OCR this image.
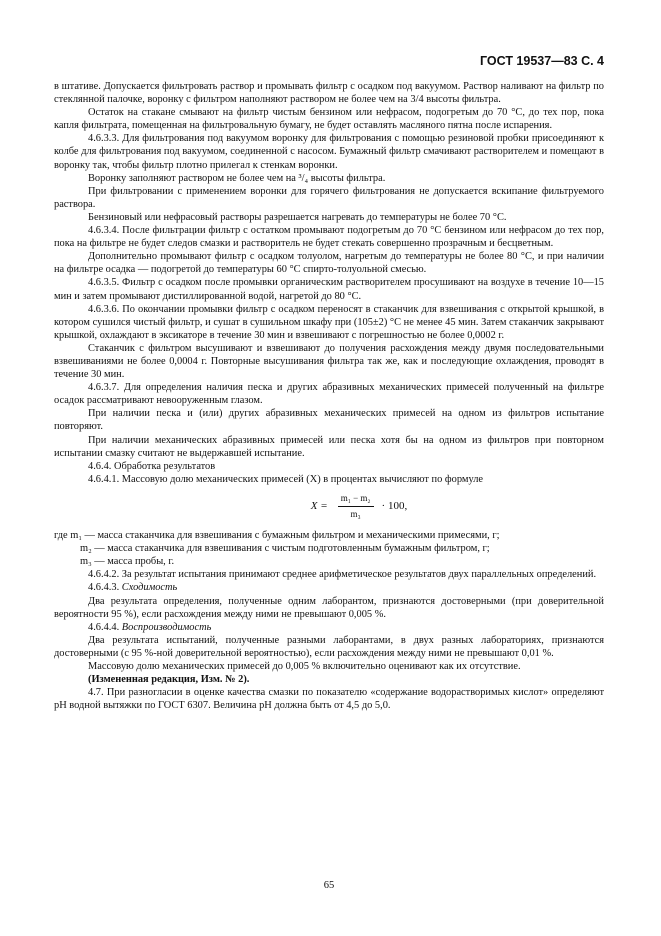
ГОСТ 19537—83 С. 4

в штативе. Допускается фильтровать раствор и промывать фильтр с осадком под вакуумом. Раствор наливают на фильтр по стеклянной палочке, воронку с фильтром наполняют раствором не более чем на 3/4 высоты фильтра.

Остаток на стакане смывают на фильтр чистым бензином или нефрасом, подогретым до 70 °С, до тех пор, пока капля фильтрата, помещенная на фильтровальную бумагу, не будет оставлять масляного пятна после испарения.

4.6.3.3. Для фильтрования под вакуумом воронку для фильтрования с помощью резиновой пробки присоединяют к колбе для фильтрования под вакуумом, соединенной с насосом. Бумажный фильтр смачивают растворителем и помещают в воронку так, чтобы фильтр плотно прилегал к стенкам воронки.

Воронку заполняют раствором не более чем на ³/₄ высоты фильтра.

При фильтровании с применением воронки для горячего фильтрования не допускается вскипание фильтруемого раствора.

Бензиновый или нефрасовый растворы разрешается нагревать до температуры не более 70 °С.

4.6.3.4. После фильтрации фильтр с остатком промывают подогретым до 70 °С бензином или нефрасом до тех пор, пока на фильтре не будет следов смазки и растворитель не будет стекать совершенно прозрачным и бесцветным.

Дополнительно промывают фильтр с осадком толуолом, нагретым до температуры не более 80 °С, и при наличии на фильтре осадка — подогретой до температуры 60 °С спирто-толуольной смесью.

4.6.3.5. Фильтр с осадком после промывки органическим растворителем просушивают на воздухе в течение 10—15 мин и затем промывают дистиллированной водой, нагретой до 80 °С.

4.6.3.6. По окончании промывки фильтр с осадком переносят в стаканчик для взвешивания с открытой крышкой, в котором сушился чистый фильтр, и сушат в сушильном шкафу при (105±2) °С не менее 45 мин. Затем стаканчик закрывают крышкой, охлаждают в эксикаторе в течение 30 мин и взвешивают с погрешностью не более 0,0002 г.

Стаканчик с фильтром высушивают и взвешивают до получения расхождения между двумя последовательными взвешиваниями не более 0,0004 г. Повторные высушивания фильтра так же, как и последующие охлаждения, проводят в течение 30 мин.

4.6.3.7. Для определения наличия песка и других абразивных механических примесей полученный на фильтре осадок рассматривают невооруженным глазом.

При наличии песка и (или) других абразивных механических примесей на одном из фильтров испытание повторяют.

При наличии механических абразивных примесей или песка хотя бы на одном из фильтров при повторном испытании смазку считают не выдержавшей испытание.

4.6.4. Обработка результатов

4.6.4.1. Массовую долю механических примесей (X) в процентах вычисляют по формуле

$X = \frac{\text{m₁ − m₂}}{\text{m₃}} \cdot 100$,
где m₁ — масса стаканчика для взвешивания с бумажным фильтром и механическими примесями, г;
m₂ — масса стаканчика для взвешивания с чистым подготовленным бумажным фильтром, г;
m₃ — масса пробы, г.

4.6.4.2. За результат испытания принимают среднее арифметическое результатов двух параллельных определений.

4.6.4.3. Сходимость

Два результата определения, полученные одним лаборантом, признаются достоверными (при доверительной вероятности 95 %), если расхождения между ними не превышают 0,005 %.

4.6.4.4. Воспроизводимость

Два результата испытаний, полученные разными лаборантами, в двух разных лабораториях, признаются достоверными (с 95 %-ной доверительной вероятностью), если расхождения между ними не превышают 0,01 %.

Массовую долю механических примесей до 0,005 % включительно оценивают как их отсутствие.

(Измененная редакция, Изм. № 2).

4.7. При разногласии в оценке качества смазки по показателю «содержание водорастворимых кислот» определяют pH водной вытяжки по ГОСТ 6307. Величина pH должна быть от 4,5 до 5,0.

65
